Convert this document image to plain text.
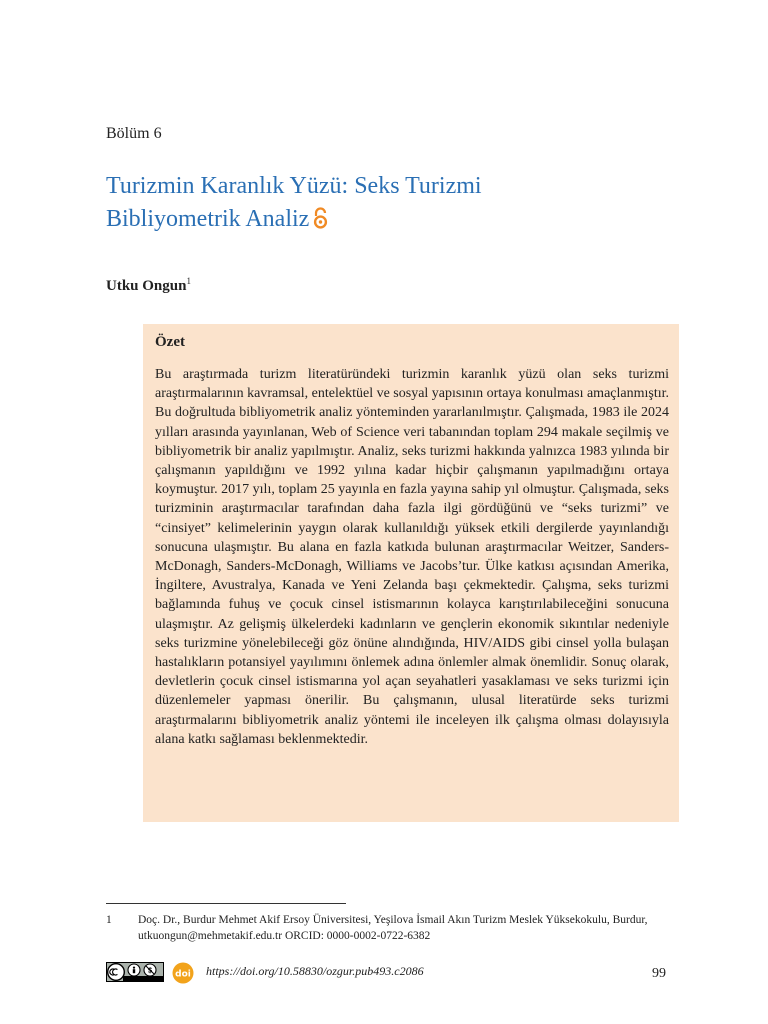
Bölüm 6
Turizmin Karanlık Yüzü: Seks Turizmi
Bibliyometrik Analiz
Utku Ongun$^1$

Özet

Bu araştırmada turizm literatüründeki turizmin karanlık yüzü olan seks turizmi araştırmalarının kavramsal, entelektüel ve sosyal yapısının ortaya konulması amaçlanmıştır. Bu doğrultuda bibliyometrik analiz yönteminden yararlanılmıştır. Çalışmada, 1983 ile 2024 yılları arasında yayınlanan, Web of Science veri tabanından toplam 294 makale seçilmiş ve bibliyometrik bir analiz yapılmıştır. Analiz, seks turizmi hakkında yalnızca 1983 yılında bir çalışmanın yapıldığını ve 1992 yılına kadar hiçbir çalışmanın yapılmadığını ortaya koymuştur. 2017 yılı, toplam 25 yayınla en fazla yayına sahip yıl olmuştur. Çalışmada, seks turizminin araştırmacılar tarafından daha fazla ilgi gördüğünü ve “seks turizmi” ve “cinsiyet” kelimelerinin yaygın olarak kullanıldığı yüksek etkili dergilerde yayınlandığı sonucuna ulaşmıştır. Bu alana en fazla katkıda bulunan araştırmacılar Weitzer, Sanders-McDonagh, Sanders-McDonagh, Williams ve Jacobs’tur. Ülke katkısı açısından Amerika, İngiltere, Avustralya, Kanada ve Yeni Zelanda başı çekmektedir. Çalışma, seks turizmi bağlamında fuhuş ve çocuk cinsel istismarının kolayca karıştırılabileceğini sonucuna ulaşmıştır. Az gelişmiş ülkelerdeki kadınların ve gençlerin ekonomik sıkıntılar nedeniyle seks turizmine yönelebileceği göz önüne alındığında, HIV/AIDS gibi cinsel yolla bulaşan hastalıkların potansiyel yayılımını önlemek adına önlemler almak önemlidir. Sonuç olarak, devletlerin çocuk cinsel istismarına yol açan seyahatleri yasaklaması ve seks turizmi için düzenlemeler yapması önerilir. Bu çalışmanın, ulusal literatürde seks turizmi araştırmalarını bibliyometrik analiz yöntemi ile inceleyen ilk çalışma olması dolayısıyla alana katkı sağlaması beklenmektedir.

1 Doç. Dr., Burdur Mehmet Akif Ersoy Üniversitesi, Yeşilova İsmail Akın Turizm Meslek Yüksekokulu, Burdur, utkuongun@mehmetakif.edu.tr ORCID: 0000-0002-0722-6382
$	doi https://doi.org/10.58830/ozgur.pub493.c2086	99
